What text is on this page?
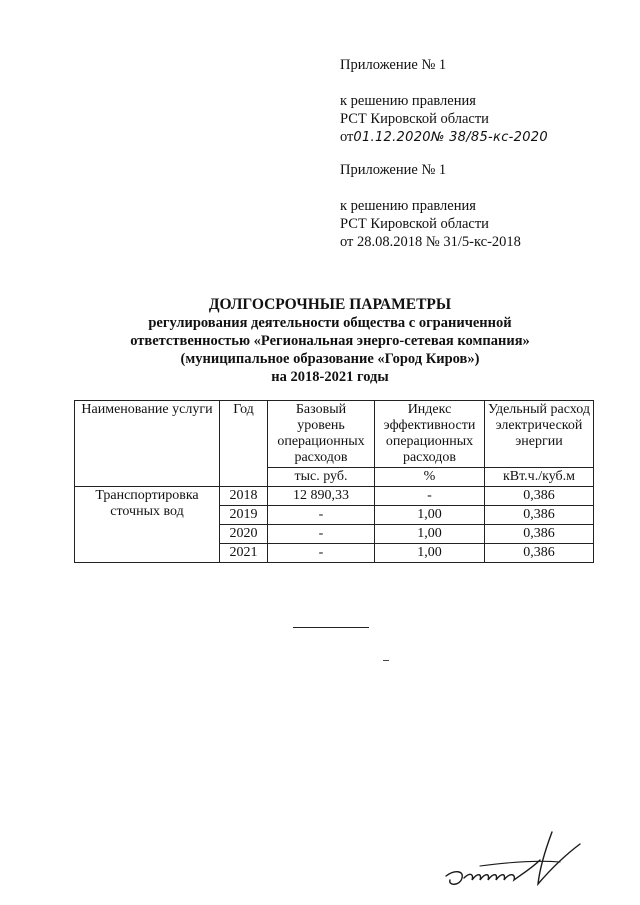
Приложение № 1
к решению правления
РСТ Кировской области
от01.12.2020№ 38/85-кс-2020
Приложение № 1
к решению правления
РСТ Кировской области
от 28.08.2018 № 31/5-кс-2018
ДОЛГОСРОЧНЫЕ ПАРАМЕТРЫ
регулирования деятельности общества с ограниченной
ответственностью «Региональная энерго-сетевая компания»
(муниципальное образование «Город Киров»)
на 2018-2021 годы
Наименование услуги	Год	Базовый уровень операционных расходов	Индекс эффективности операционных расходов	Удельный расход электрической энергии
		тыс. руб.	%	кВт.ч./куб.м
Транспортировка сточных вод	2018	12 890,33	-	0,386
	2019	-	1,00	0,386
	2020	-	1,00	0,386
	2021	-	1,00	0,386
